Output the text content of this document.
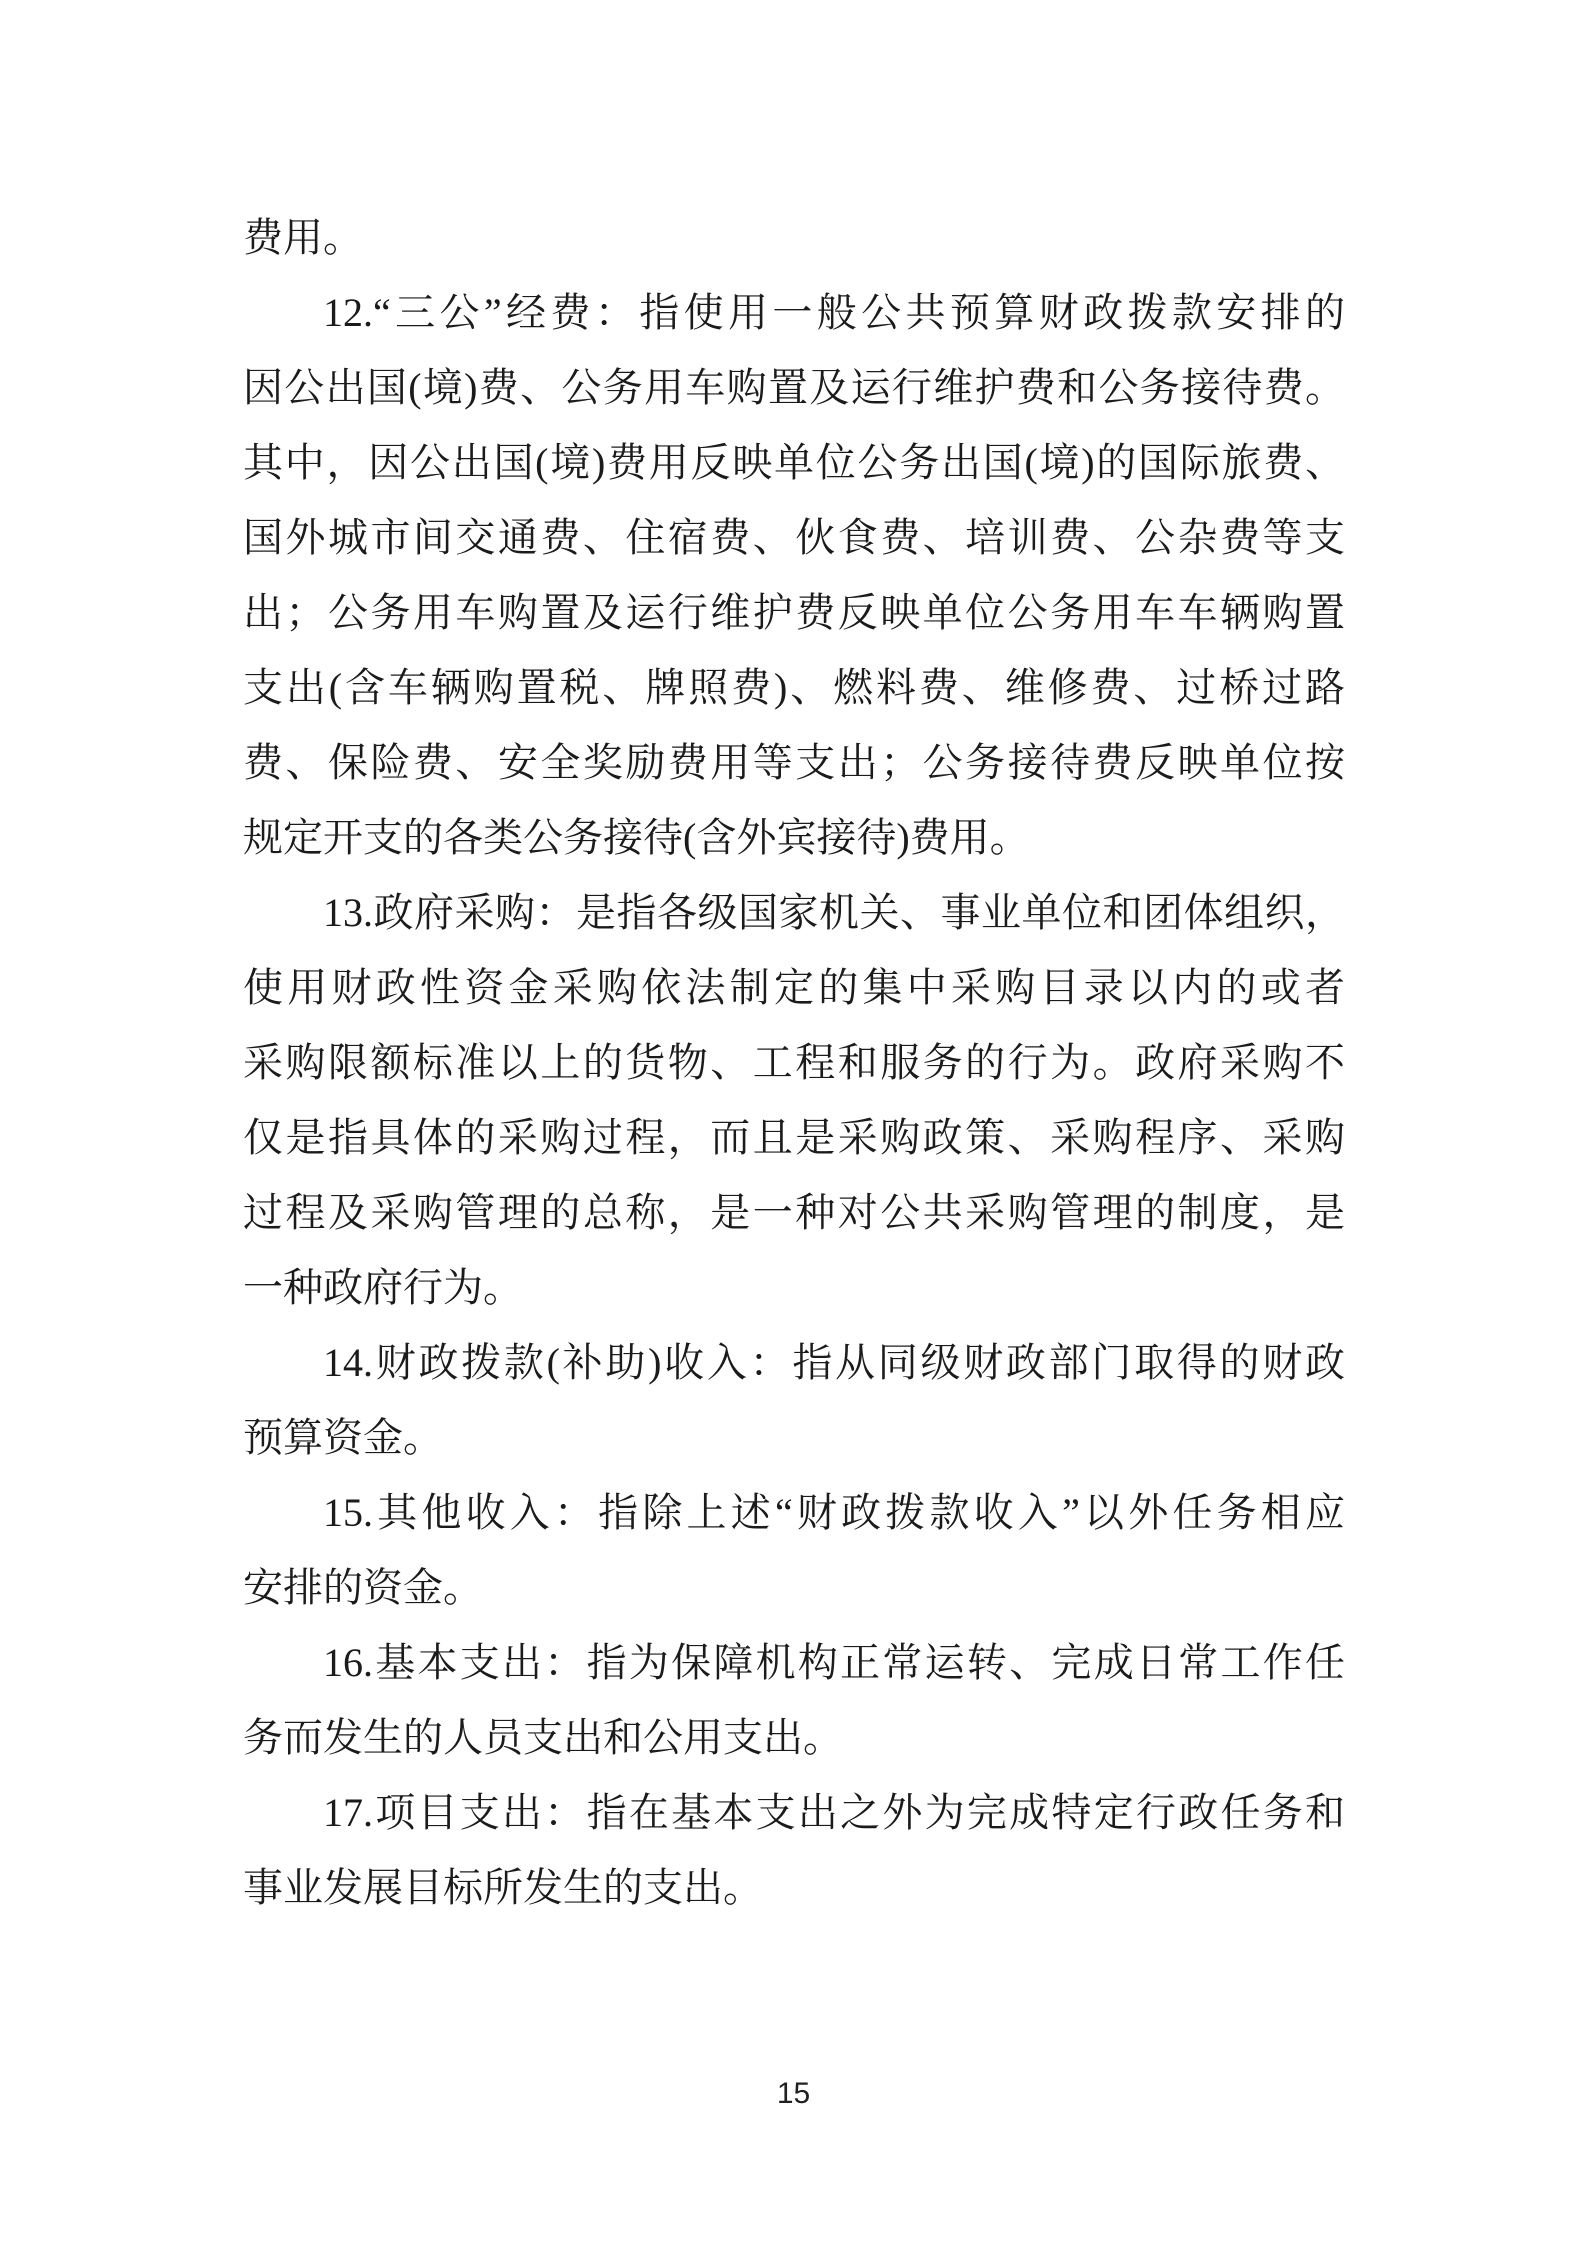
费用。
12.“三公”经费：指使用一般公共预算财政拨款安排的
因公出国(境)费、公务用车购置及运行维护费和公务接待费。
其中，因公出国(境)费用反映单位公务出国(境)的国际旅费、
国外城市间交通费、住宿费、伙食费、培训费、公杂费等支
出；公务用车购置及运行维护费反映单位公务用车车辆购置
支出(含车辆购置税、牌照费)、燃料费、维修费、过桥过路
费、保险费、安全奖励费用等支出；公务接待费反映单位按
规定开支的各类公务接待(含外宾接待)费用。
13.政府采购：是指各级国家机关、事业单位和团体组织，
使用财政性资金采购依法制定的集中采购目录以内的或者
采购限额标准以上的货物、工程和服务的行为。政府采购不
仅是指具体的采购过程，而且是采购政策、采购程序、采购
过程及采购管理的总称，是一种对公共采购管理的制度，是
一种政府行为。
14.财政拨款(补助)收入：指从同级财政部门取得的财政
预算资金。
15.其他收入：指除上述“财政拨款收入”以外任务相应
安排的资金。
16.基本支出：指为保障机构正常运转、完成日常工作任
务而发生的人员支出和公用支出。
17.项目支出：指在基本支出之外为完成特定行政任务和
事业发展目标所发生的支出。
15
